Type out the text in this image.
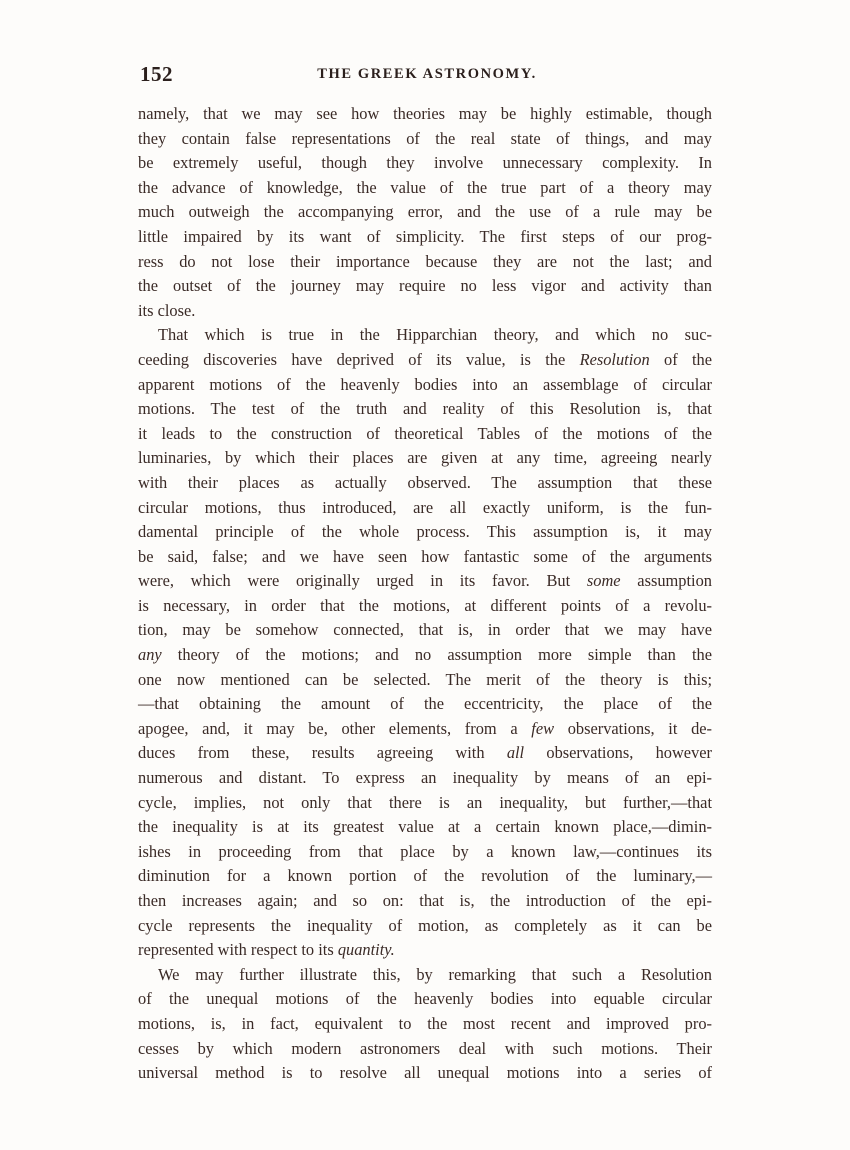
152	THE GREEK ASTRONOMY.
namely, that we may see how theories may be highly estimable, though
they contain false representations of the real state of things, and may
be extremely useful, though they involve unnecessary complexity. In
the advance of knowledge, the value of the true part of a theory may
much outweigh the accompanying error, and the use of a rule may be
little impaired by its want of simplicity. The first steps of our prog-
ress do not lose their importance because they are not the last; and
the outset of the journey may require no less vigor and activity than
its close.
That which is true in the Hipparchian theory, and which no suc-
ceeding discoveries have deprived of its value, is the Resolution of the
apparent motions of the heavenly bodies into an assemblage of circular
motions. The test of the truth and reality of this Resolution is, that
it leads to the construction of theoretical Tables of the motions of the
luminaries, by which their places are given at any time, agreeing nearly
with their places as actually observed. The assumption that these
circular motions, thus introduced, are all exactly uniform, is the fun-
damental principle of the whole process. This assumption is, it may
be said, false; and we have seen how fantastic some of the arguments
were, which were originally urged in its favor. But some assumption
is necessary, in order that the motions, at different points of a revolu-
tion, may be somehow connected, that is, in order that we may have
any theory of the motions; and no assumption more simple than the
one now mentioned can be selected. The merit of the theory is this;
—that obtaining the amount of the eccentricity, the place of the
apogee, and, it may be, other elements, from a few observations, it de-
duces from these, results agreeing with all observations, however
numerous and distant. To express an inequality by means of an epi-
cycle, implies, not only that there is an inequality, but further,—that
the inequality is at its greatest value at a certain known place,—dimin-
ishes in proceeding from that place by a known law,—continues its
diminution for a known portion of the revolution of the luminary,—
then increases again; and so on: that is, the introduction of the epi-
cycle represents the inequality of motion, as completely as it can be
represented with respect to its quantity.
We may further illustrate this, by remarking that such a Resolution
of the unequal motions of the heavenly bodies into equable circular
motions, is, in fact, equivalent to the most recent and improved pro-
cesses by which modern astronomers deal with such motions. Their
universal method is to resolve all unequal motions into a series of
